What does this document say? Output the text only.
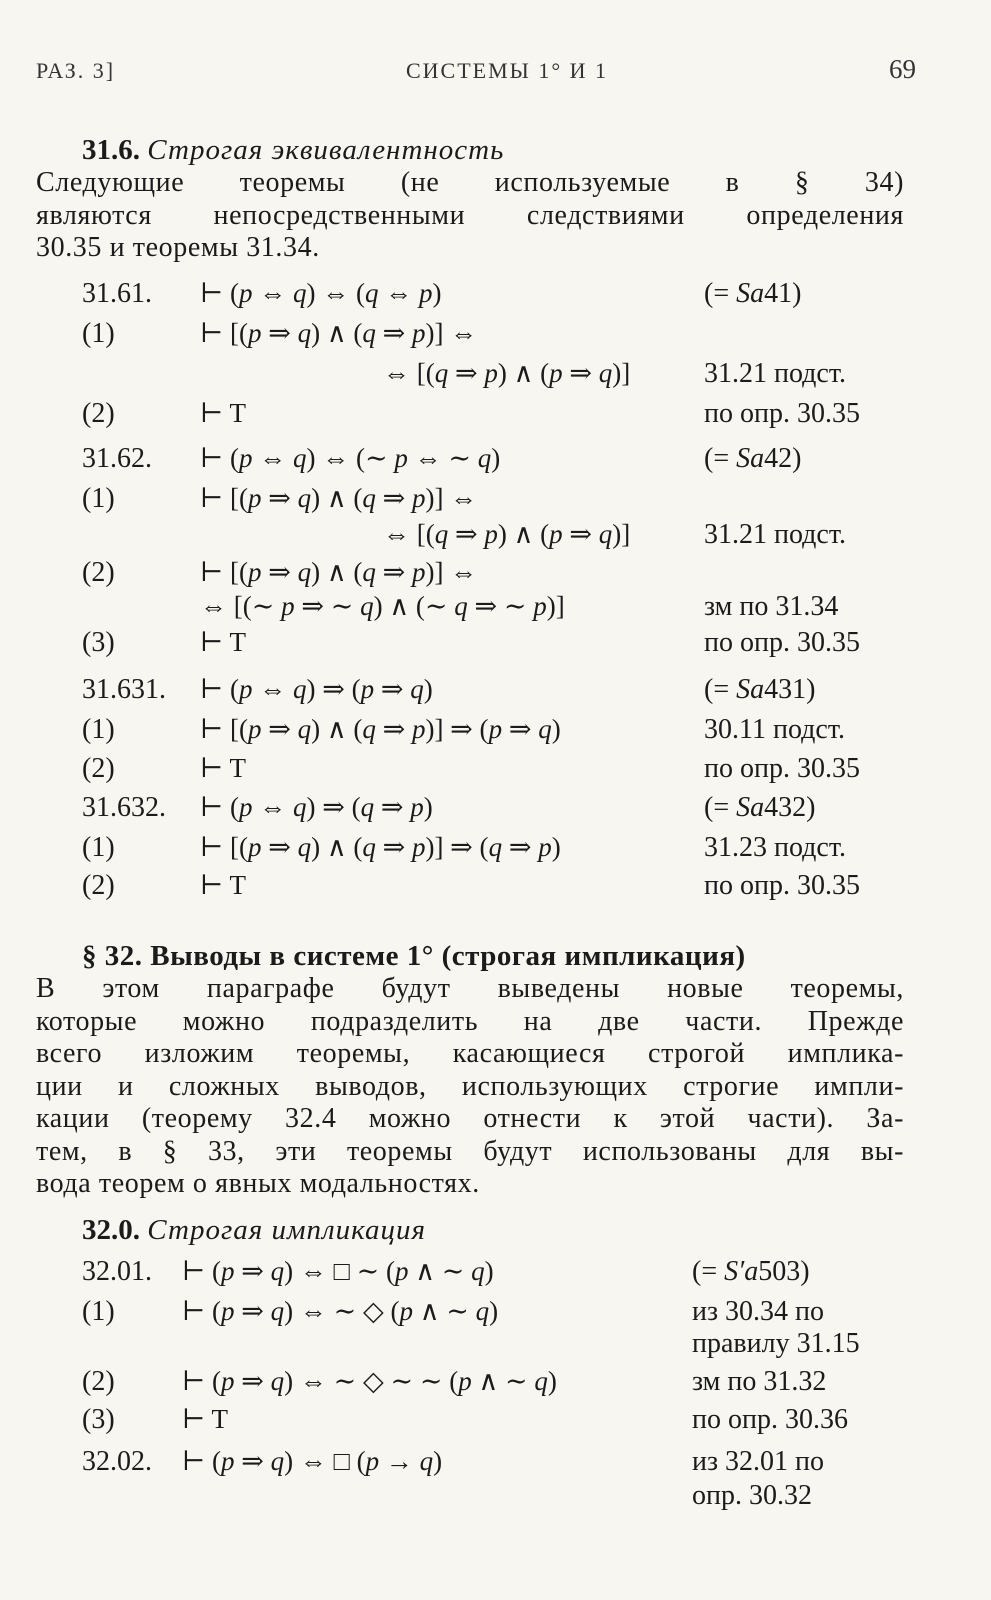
РАЗ. 3]	СИСТЕМЫ 1° И 1	69
31.6. Строгая эквивалентность
Следующие теоремы (не используемые в § 34)
являются непосредственными следствиями определения
30.35 и теоремы 31.34.
31.61. ⊢ (p ⇔ q) ⇔ (q ⇔ p)	(= Sa41)
(1)	⊢ [(p ⇒ q) ∧ (q ⇒ p)] ⇔
⇔ [(q ⇒ p) ∧ (p ⇒ q)]	31.21 подст.
(2)	⊢ T	по опр. 30.35
31.62. ⊢ (p ⇔ q) ⇔ (∼ p ⇔ ∼ q)	(= Sa42)
(1)	⊢ [(p ⇒ q) ∧ (q ⇒ p)] ⇔
⇔ [(q ⇒ p) ∧ (p ⇒ q)]	31.21 подст.
(2)	⊢ [(p ⇒ q) ∧ (q ⇒ p)] ⇔
⇔ [(∼ p ⇒ ∼ q) ∧ (∼ q ⇒ ∼ p)]	зм по 31.34
(3)	⊢ T	по опр. 30.35
31.631. ⊢ (p ⇔ q) ⇒ (p ⇒ q)	(= Sa431)
(1)	⊢ [(p ⇒ q) ∧ (q ⇒ p)] ⇒ (p ⇒ q)	30.11 подст.
(2)	⊢ T	по опр. 30.35
31.632. ⊢ (p ⇔ q) ⇒ (q ⇒ p)	(= Sa432)
(1)	⊢ [(p ⇒ q) ∧ (q ⇒ p)] ⇒ (q ⇒ p)	31.23 подст.
(2)	⊢ T	по опр. 30.35
§ 32. Выводы в системе 1° (строгая импликация)
В этом параграфе будут выведены новые теоремы,
которые можно подразделить на две части. Прежде
всего изложим теоремы, касающиеся строгой имплика-
ции и сложных выводов, использующих строгие импли-
кации (теорему 32.4 можно отнести к этой части). За-
тем, в § 33, эти теоремы будут использованы для вы-
вода теорем о явных модальностях.
32.0. Строгая импликация
32.01. ⊢ (p ⇒ q) ⇔ □ ∼ (p ∧ ∼ q)	(= S′a503)
(1) ⊢ (p ⇒ q) ⇔ ∼ ◇ (p ∧ ∼ q)	из 30.34 по
правилу 31.15
(2) ⊢ (p ⇒ q) ⇔ ∼ ◇ ∼ ∼ (p ∧ ∼ q)	зм по 31.32
(3) ⊢ T	по опр. 30.36
32.02. ⊢ (p ⇒ q) ⇔ □ (p → q)	из 32.01 по
опр. 30.32
